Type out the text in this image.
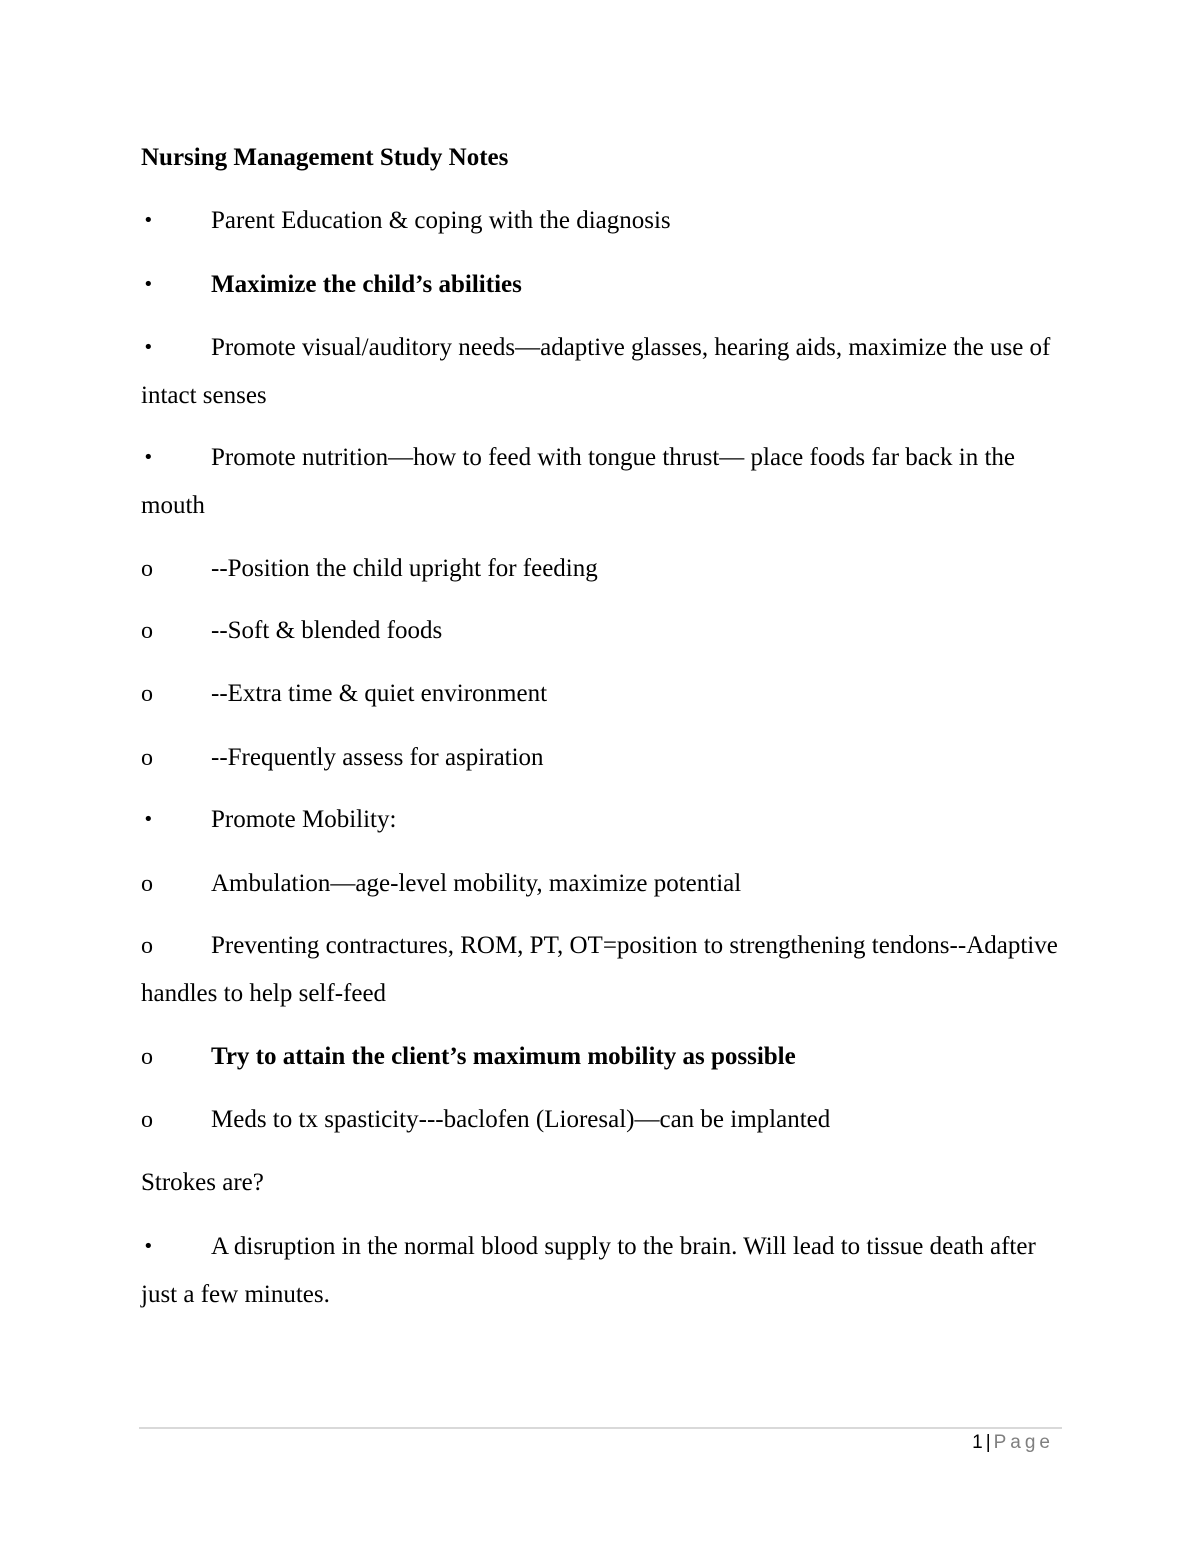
Nursing Management Study Notes
•	Parent Education & coping with the diagnosis
•	Maximize the child’s abilities
•	Promote visual/auditory needs—adaptive glasses, hearing aids, maximize the use of intact senses
•	Promote nutrition—how to feed with tongue thrust— place foods far back in the mouth
o	--Position the child upright for feeding
o	--Soft & blended foods
o	--Extra time & quiet environment
o	--Frequently assess for aspiration
•	Promote Mobility:
o	Ambulation—age-level mobility, maximize potential
o	Preventing contractures, ROM, PT, OT=position to strengthening tendons--Adaptive handles to help self-feed
o	Try to attain the client’s maximum mobility as possible
o	Meds to tx spasticity---baclofen (Lioresal)—can be implanted
Strokes are?
•	A disruption in the normal blood supply to the brain. Will lead to tissue death after just a few minutes.
1 | Page
